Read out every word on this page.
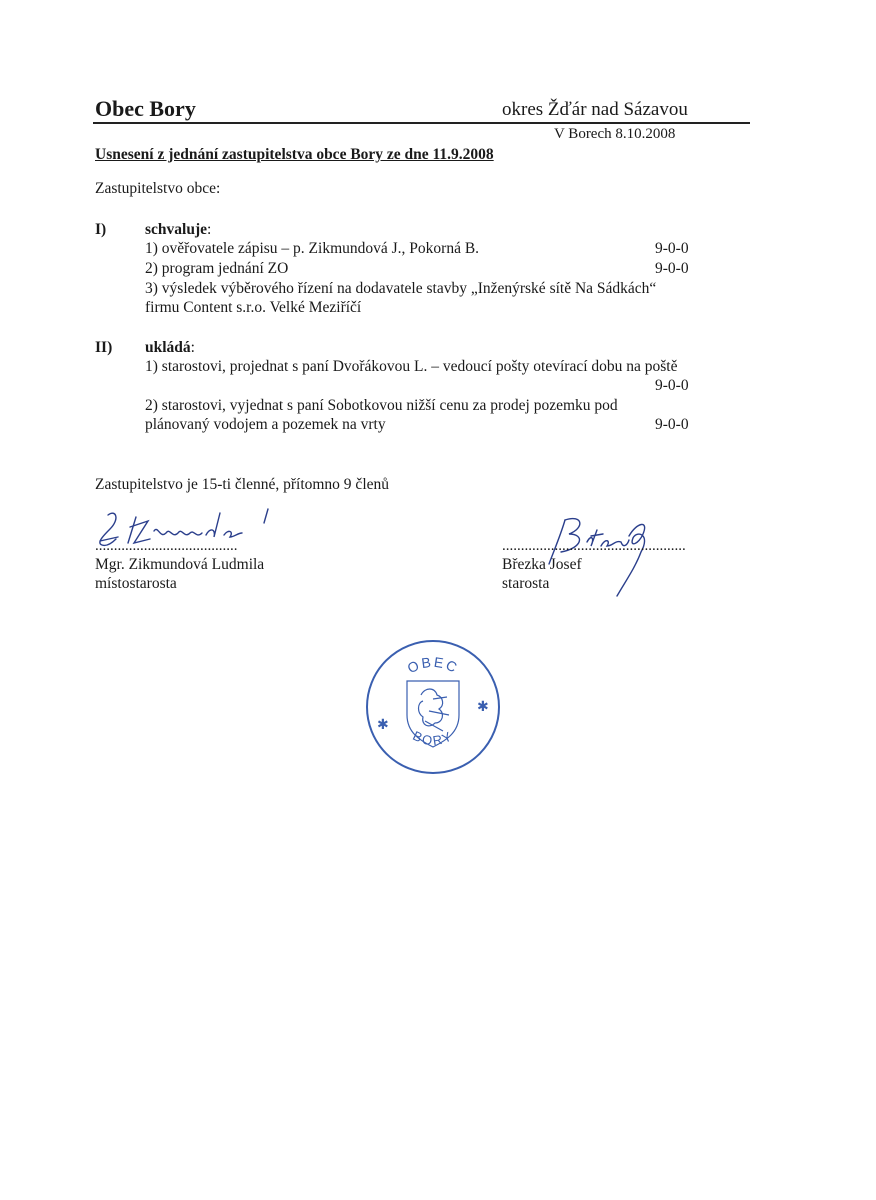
Obec Bory	okres Žďár nad Sázavou
V Borech 8.10.2008
Usnesení z jednání zastupitelstva obce Bory ze dne 11.9.2008
Zastupitelstvo obce:
I)	schvaluje:
1) ověřovatele zápisu – p. Zikmundová J., Pokorná B.	9-0-0
2) program jednání ZO	9-0-0
3) výsledek výběrového řízení na dodavatele stavby „Inženýrské sítě Na Sádkách“
firmu Content s.r.o. Velké Meziříčí
II) ukládá:
1) starostovi, projednat s paní Dvořákovou L. – vedoucí pošty otevírací dobu na poště
9-0-0
2) starostovi, vyjednat s paní Sobotkovou nižší cenu za prodej pozemku pod
plánovaný vodojem a pozemek na vrty	9-0-0
Zastupitelstvo je 15-ti členné, přítomno 9 členů
......................................
Mgr. Zikmundová Ludmila
místostarosta
.................................................
Březka Josef
starosta
OBEC
BORY
✱
✱
